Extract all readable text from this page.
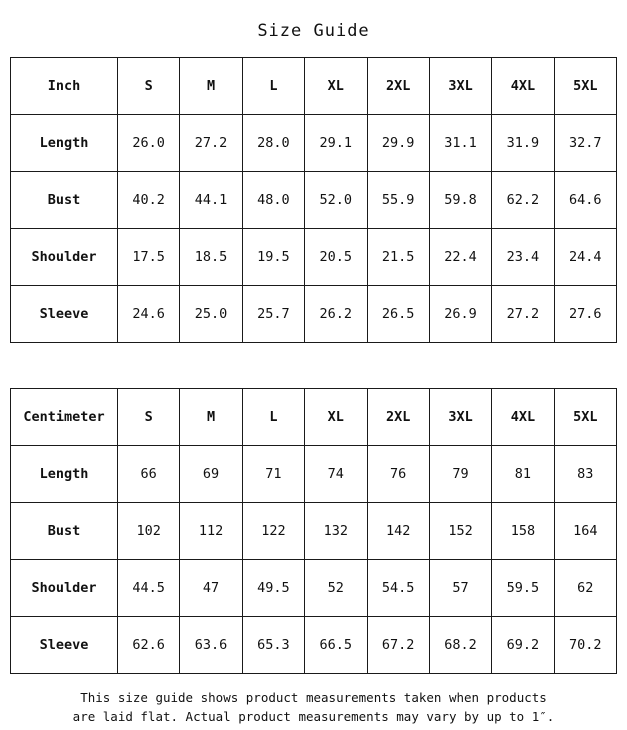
Size Guide
Inch	S	M	L	XL	2XL	3XL	4XL	5XL
Length	26.0	27.2	28.0	29.1	29.9	31.1	31.9	32.7
Bust	40.2	44.1	48.0	52.0	55.9	59.8	62.2	64.6
Shoulder	17.5	18.5	19.5	20.5	21.5	22.4	23.4	24.4
Sleeve	24.6	25.0	25.7	26.2	26.5	26.9	27.2	27.6
Centimeter	S	M	L	XL	2XL	3XL	4XL	5XL
Length	66	69	71	74	76	79	81	83
Bust	102	112	122	132	142	152	158	164
Shoulder	44.5	47	49.5	52	54.5	57	59.5	62
Sleeve	62.6	63.6	65.3	66.5	67.2	68.2	69.2	70.2
This size guide shows product measurements taken when products
are laid flat. Actual product measurements may vary by up to 1″.
